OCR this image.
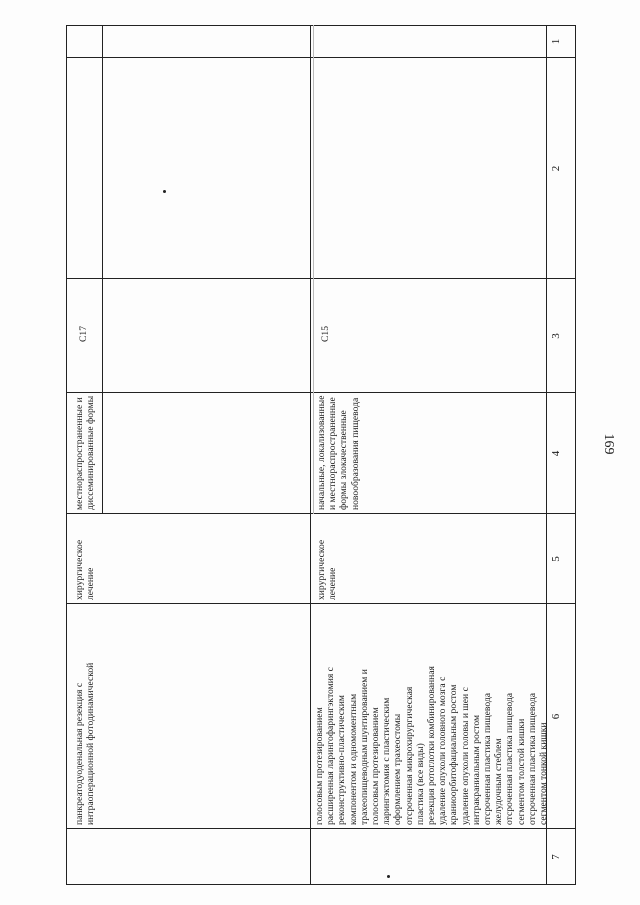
169
7
6
5
4
3
2
1
голосовым протезированием расширенная ларингофарингэктомия с реконструктивно-пластическим компонентом и одномоментным трахеопищеводным шунтированием и голосовым протезированием ларингэктомия с пластическим оформлением трахеостомы отсроченная микрохирургическая пластика (все виды) резекция ротоглотки комбинированная удаление опухоли головного мозга с краниоорбитофациальным ростом удаление опухоли головы и шеи с интракраниальным ростом отсроченная пластика пищевода желудочным стеблем отсроченная пластика пищевода сегментом толстой кишки отсроченная пластика пищевода сегментом тонкой кишки
C15
начальные, локализованные и местнораспространенные формы злокачественные новообразования пищевода
хирургическое лечение
C17
местнораспространенные и диссеминированные формы
хирургическое лечение
панкреатодуоденальная резекция с интраоперационной фотодинамической
